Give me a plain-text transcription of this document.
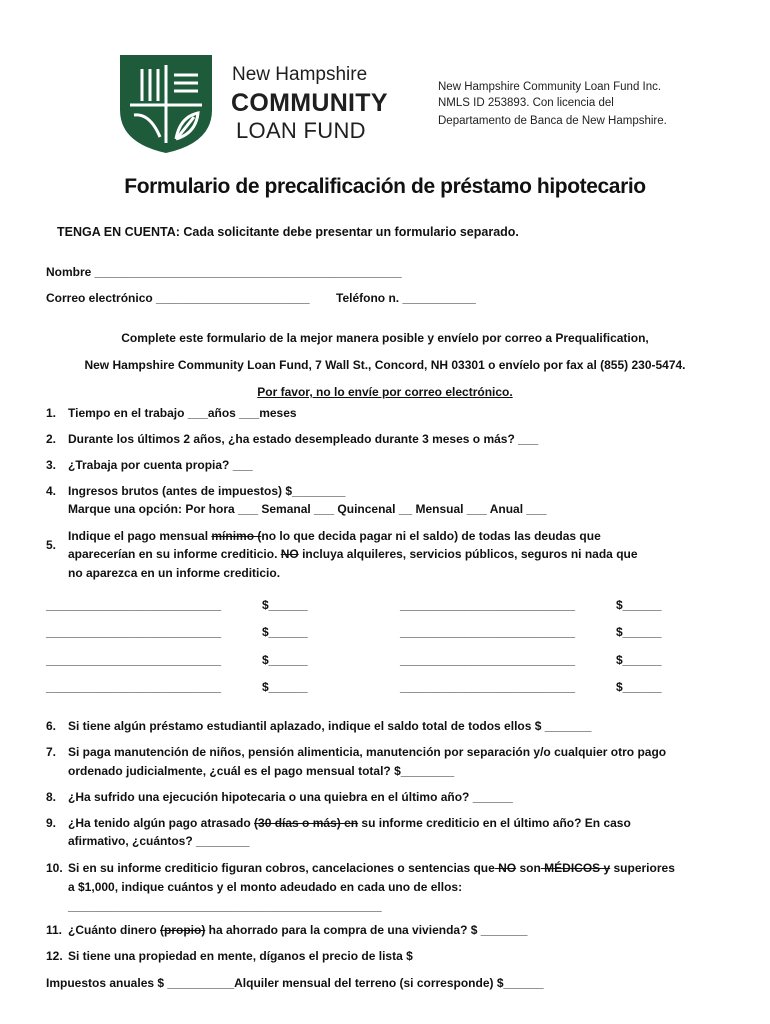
New Hampshire
COMMUNITY
LOAN FUND
New Hampshire Community Loan Fund Inc.
NMLS ID 253893. Con licencia del
Departamento de Banca de New Hampshire.
Formulario de precalificación de préstamo hipotecario
TENGA EN CUENTA: Cada solicitante debe presentar un formulario separado.
Nombre ______________________________________________
Correo electrónico _______________________ Teléfono n. ___________
Complete este formulario de la mejor manera posible y envíelo por correo a Prequalification,
New Hampshire Community Loan Fund, 7 Wall St., Concord, NH 03301 o envíelo por fax al (855) 230-5474.
Por favor, no lo envíe por correo electrónico.
1. Tiempo en el trabajo ___años ___meses
2. Durante los últimos 2 años, ¿ha estado desempleado durante 3 meses o más? ___
3. ¿Trabaja por cuenta propia? ___
4. Ingresos brutos (antes de impuestos) $________
Marque una opción: Por hora ___ Semanal ___ Quincenal __ Mensual ___ Anual ___
5.
Indique el pago mensual mínimo (no lo que decida pagar ni el saldo) de todas las deudas que
aparecerían en su informe crediticio. NO incluya alquileres, servicios públicos, seguros ni nada que
no aparezca en un informe crediticio.
___________________________	$______	___________________________	$______
___________________________	$______	___________________________	$______
___________________________	$______	___________________________	$______
___________________________	$______	___________________________	$______
6. Si tiene algún préstamo estudiantil aplazado, indique el saldo total de todos ellos $ _______
7. Si paga manutención de niños, pensión alimenticia, manutención por separación y/o cualquier otro pago
ordenado judicialmente, ¿cuál es el pago mensual total? $________
8. ¿Ha sufrido una ejecución hipotecaria o una quiebra en el último año? ______
9. ¿Ha tenido algún pago atrasado (30 días o más) en su informe crediticio en el último año? En caso
afirmativo, ¿cuántos? ________
10. Si en su informe crediticio figuran cobros, cancelaciones o sentencias que NO son MÉDICOS y superiores
a $1,000, indique cuántos y el monto adeudado en cada uno de ellos:
_______________________________________________
11. ¿Cuánto dinero (propio) ha ahorrado para la compra de una vivienda? $ _______
12. Si tiene una propiedad en mente, díganos el precio de lista $
Impuestos anuales $ __________Alquiler mensual del terreno (si corresponde) $______
